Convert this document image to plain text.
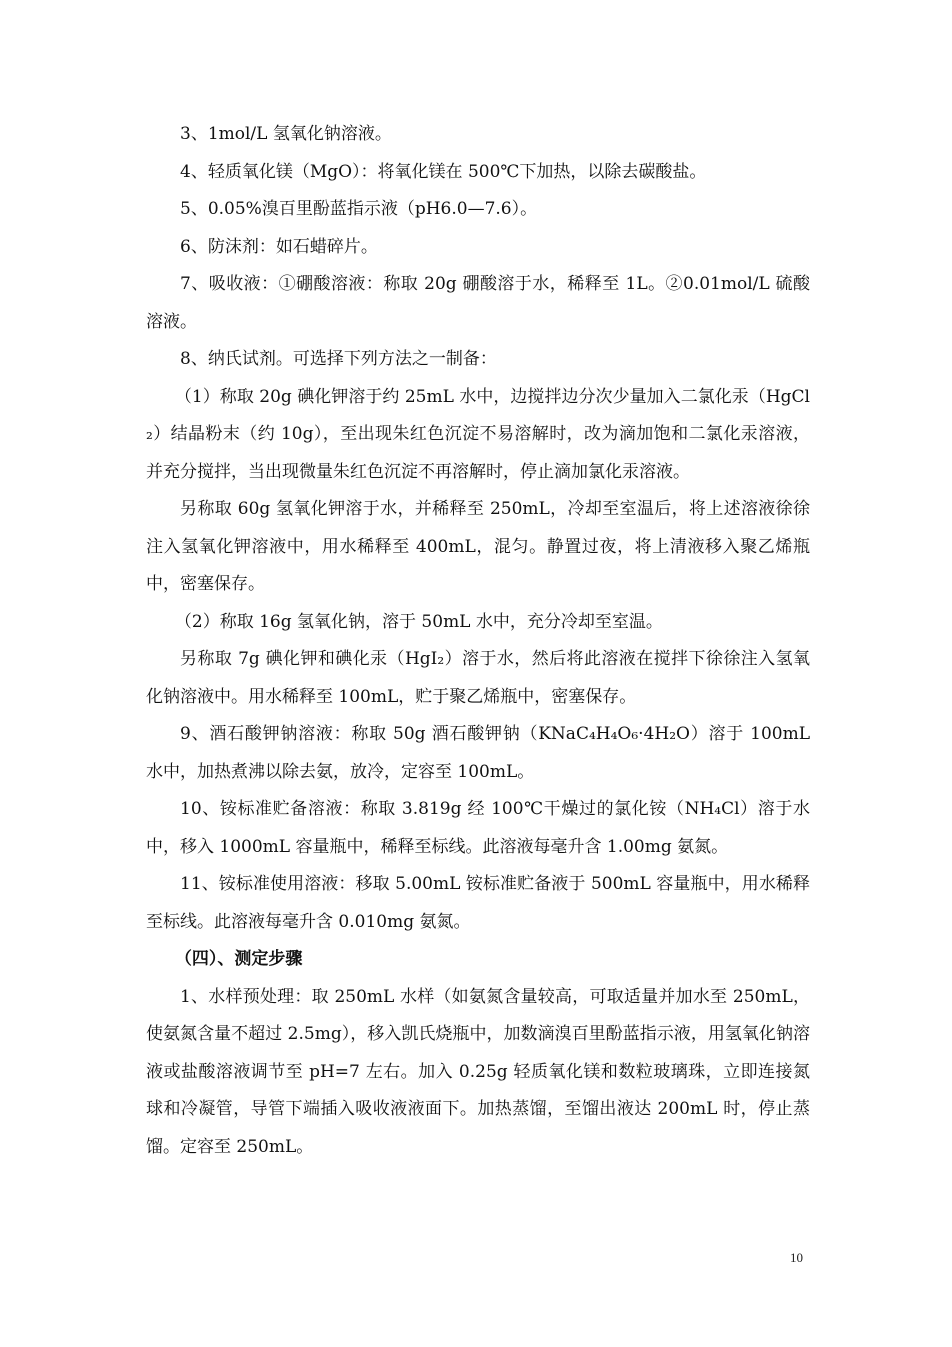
3、1mol/L 氢氧化钠溶液。

4、轻质氧化镁（MgO）：将氧化镁在 500℃下加热，以除去碳酸盐。

5、0.05%溴百里酚蓝指示液（pH6.0—7.6）。

6、防沫剂：如石蜡碎片。

7、吸收液：①硼酸溶液：称取 20g 硼酸溶于水，稀释至 1L。②0.01mol/L 硫酸溶液。

8、纳氏试剂。可选择下列方法之一制备：

（1）称取 20g 碘化钾溶于约 25mL 水中，边搅拌边分次少量加入二氯化汞（HgCl₂）结晶粉末（约 10g），至出现朱红色沉淀不易溶解时，改为滴加饱和二氯化汞溶液，并充分搅拌，当出现微量朱红色沉淀不再溶解时，停止滴加氯化汞溶液。

另称取 60g 氢氧化钾溶于水，并稀释至 250mL，冷却至室温后，将上述溶液徐徐注入氢氧化钾溶液中，用水稀释至 400mL，混匀。静置过夜，将上清液移入聚乙烯瓶中，密塞保存。

（2）称取 16g 氢氧化钠，溶于 50mL 水中，充分冷却至室温。

另称取 7g 碘化钾和碘化汞（HgI₂）溶于水，然后将此溶液在搅拌下徐徐注入氢氧化钠溶液中。用水稀释至 100mL，贮于聚乙烯瓶中，密塞保存。

9、酒石酸钾钠溶液：称取 50g 酒石酸钾钠（KNaC₄H₄O₆·4H₂O）溶于 100mL 水中，加热煮沸以除去氨，放冷，定容至 100mL。

10、铵标准贮备溶液：称取 3.819g 经 100℃干燥过的氯化铵（NH₄Cl）溶于水中，移入 1000mL 容量瓶中，稀释至标线。此溶液每毫升含 1.00mg 氨氮。

11、铵标准使用溶液：移取 5.00mL 铵标准贮备液于 500mL 容量瓶中，用水稀释至标线。此溶液每毫升含 0.010mg 氨氮。

（四）、测定步骤

1、水样预处理：取 250mL 水样（如氨氮含量较高，可取适量并加水至 250mL，使氨氮含量不超过 2.5mg），移入凯氏烧瓶中，加数滴溴百里酚蓝指示液，用氢氧化钠溶液或盐酸溶液调节至 pH=7 左右。加入 0.25g 轻质氧化镁和数粒玻璃珠，立即连接氮球和冷凝管，导管下端插入吸收液液面下。加热蒸馏，至馏出液达 200mL 时，停止蒸馏。定容至 250mL。

10
